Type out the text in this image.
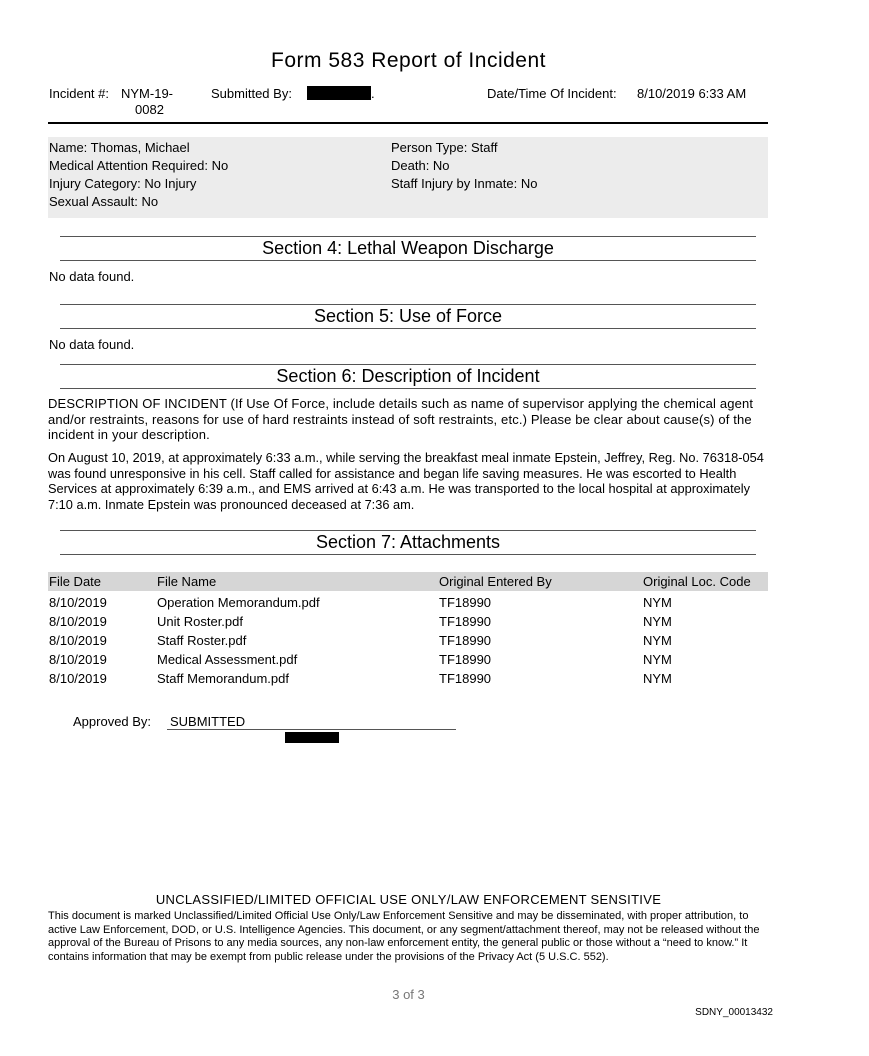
Form 583 Report of Incident
Incident #: NYM-19-
0082
Submitted By:	.	Date/Time Of Incident: 8/10/2019 6:33 AM
Name: Thomas, Michael
Medical Attention Required: No
Injury Category: No Injury
Sexual Assault: No
Person Type: Staff
Death: No
Staff Injury by Inmate: No
Section 4: Lethal Weapon Discharge
No data found.
Section 5: Use of Force
No data found.
Section 6: Description of Incident
DESCRIPTION OF INCIDENT (If Use Of Force, include details such as name of supervisor applying the chemical agent and/or restraints, reasons for use of hard restraints instead of soft restraints, etc.) Please be clear about cause(s) of the incident in your description.
On August 10, 2019, at approximately 6:33 a.m., while serving the breakfast meal inmate Epstein, Jeffrey, Reg. No. 76318-054 was found unresponsive in his cell. Staff called for assistance and began life saving measures. He was escorted to Health Services at approximately 6:39 a.m., and EMS arrived at 6:43 a.m. He was transported to the local hospital at approximately 7:10 a.m. Inmate Epstein was pronounced deceased at 7:36 am.
Section 7: Attachments
File Date	File Name	Original Entered By	Original Loc. Code
8/10/2019	Operation Memorandum.pdf	TF18990	NYM
8/10/2019	Unit Roster.pdf	TF18990	NYM
8/10/2019	Staff Roster.pdf	TF18990	NYM
8/10/2019	Medical Assessment.pdf	TF18990	NYM
8/10/2019	Staff Memorandum.pdf	TF18990	NYM
Approved By: SUBMITTED
UNCLASSIFIED/LIMITED OFFICIAL USE ONLY/LAW ENFORCEMENT SENSITIVE
This document is marked Unclassified/Limited Official Use Only/Law Enforcement Sensitive and may be disseminated, with proper attribution, to active Law Enforcement, DOD, or U.S. Intelligence Agencies. This document, or any segment/attachment thereof, may not be released without the approval of the Bureau of Prisons to any media sources, any non-law enforcement entity, the general public or those without a “need to know.” It contains information that may be exempt from public release under the provisions of the Privacy Act (5 U.S.C. 552).
3 of 3
SDNY_00013432
